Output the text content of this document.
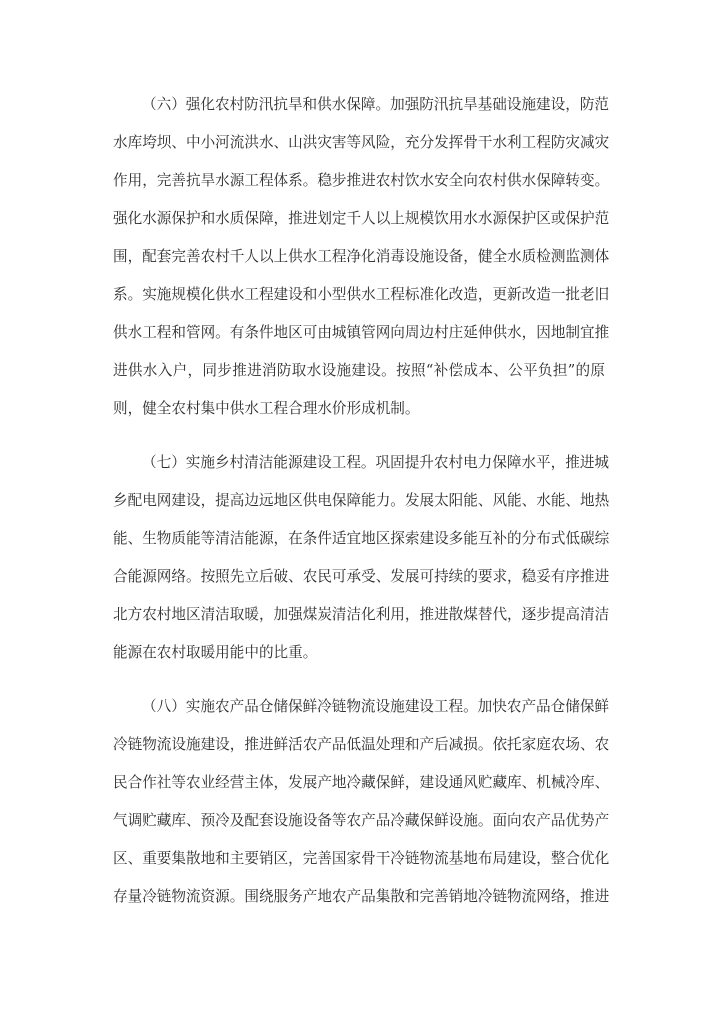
（六）强化农村防汛抗旱和供水保障。加强防汛抗旱基础设施建设，防范
水库垮坝、中小河流洪水、山洪灾害等风险，充分发挥骨干水利工程防灾减灾
作用，完善抗旱水源工程体系。稳步推进农村饮水安全向农村供水保障转变。
强化水源保护和水质保障，推进划定千人以上规模饮用水水源保护区或保护范
围，配套完善农村千人以上供水工程净化消毒设施设备，健全水质检测监测体
系。实施规模化供水工程建设和小型供水工程标准化改造，更新改造一批老旧
供水工程和管网。有条件地区可由城镇管网向周边村庄延伸供水，因地制宜推
进供水入户，同步推进消防取水设施建设。按照“补偿成本、公平负担”的原
则，健全农村集中供水工程合理水价形成机制。
（七）实施乡村清洁能源建设工程。巩固提升农村电力保障水平，推进城
乡配电网建设，提高边远地区供电保障能力。发展太阳能、风能、水能、地热
能、生物质能等清洁能源，在条件适宜地区探索建设多能互补的分布式低碳综
合能源网络。按照先立后破、农民可承受、发展可持续的要求，稳妥有序推进
北方农村地区清洁取暖，加强煤炭清洁化利用，推进散煤替代，逐步提高清洁
能源在农村取暖用能中的比重。
（八）实施农产品仓储保鲜冷链物流设施建设工程。加快农产品仓储保鲜
冷链物流设施建设，推进鲜活农产品低温处理和产后减损。依托家庭农场、农
民合作社等农业经营主体，发展产地冷藏保鲜，建设通风贮藏库、机械冷库、
气调贮藏库、预冷及配套设施设备等农产品冷藏保鲜设施。面向农产品优势产
区、重要集散地和主要销区，完善国家骨干冷链物流基地布局建设，整合优化
存量冷链物流资源。围绕服务产地农产品集散和完善销地冷链物流网络，推进
